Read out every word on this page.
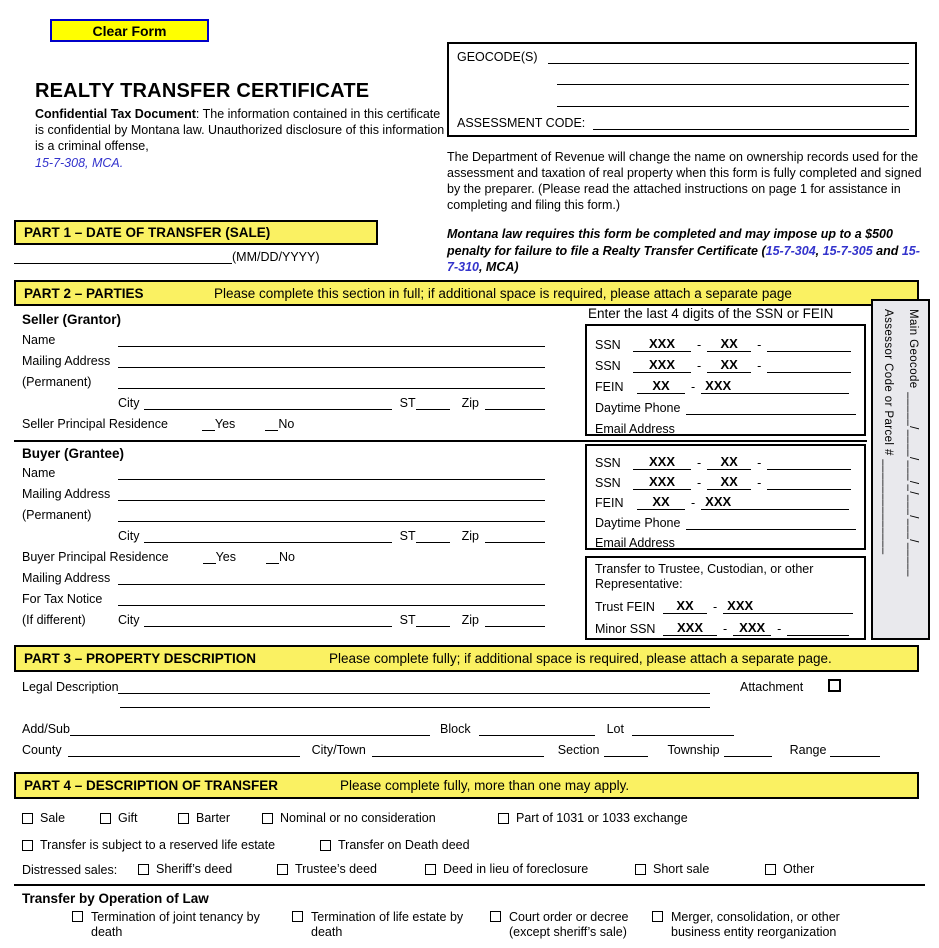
Clear Form
REALTY TRANSFER CERTIFICATE
Confidential Tax Document: The information contained in this certificate is confidential by Montana law. Unauthorized disclosure of this information is a criminal offense,
15-7-308, MCA.
GEOCODE(S)
ASSESSMENT CODE:
The Department of Revenue will change the name on ownership records used for the assessment and taxation of real property when this form is fully completed and signed by the preparer. (Please read the attached instructions on page 1 for assistance in completing and filing this form.)
Montana law requires this form be completed and may impose up to a $500 penalty for failure to file a Realty Transfer Certificate (15-7-304, 15-7-305 and 15-7-310, MCA)
PART 1 – DATE OF TRANSFER (SALE)
(MM/DD/YYYY)
PART 2 – PARTIES	Please complete this section in full; if additional space is required, please attach a separate page
Seller (Grantor)
Name
Mailing Address
(Permanent)
City	ST	Zip
Seller Principal Residence	Yes	No
Enter the last 4 digits of the SSN or FEIN
SSN	XXX	-	XX	-
SSN	XXX	-	XX	-
FEIN	XX	- XXX
Daytime Phone
Email Address
Buyer (Grantee)
Name
Mailing Address
(Permanent)
City	ST	Zip
Buyer Principal Residence	Yes	No
Mailing Address
For Tax Notice
(If different)	City	ST	Zip
SSN	XXX	-	XX	-
SSN	XXX	-	XX	-
FEIN	XX	- XXX
Daytime Phone
Email Address
Transfer to Trustee, Custodian, or other Representative:
Trust FEIN	XX	- XXX
Minor SSN	XXX	- XXX -
Main Geocode _____/____/___/_/___/___/_____
Assessor Code or Parcel # ______________
PART 3 – PROPERTY DESCRIPTION	Please complete fully; if additional space is required, please attach a separate page.
Legal Description	Attachment
Add/Sub	Block	Lot
County	City/Town	Section	Township	Range
PART 4 – DESCRIPTION OF TRANSFER	Please complete fully, more than one may apply.
Sale	Gift	Barter	Nominal or no consideration	Part of 1031 or 1033 exchange
Transfer is subject to a reserved life estate	Transfer on Death deed
Distressed sales:	Sheriff’s deed	Trustee’s deed	Deed in lieu of foreclosure	Short sale	Other
Transfer by Operation of Law
Termination of joint tenancy by death
Termination of life estate by death
Court order or decree (except sheriff’s sale)
Merger, consolidation, or other business entity reorganization
